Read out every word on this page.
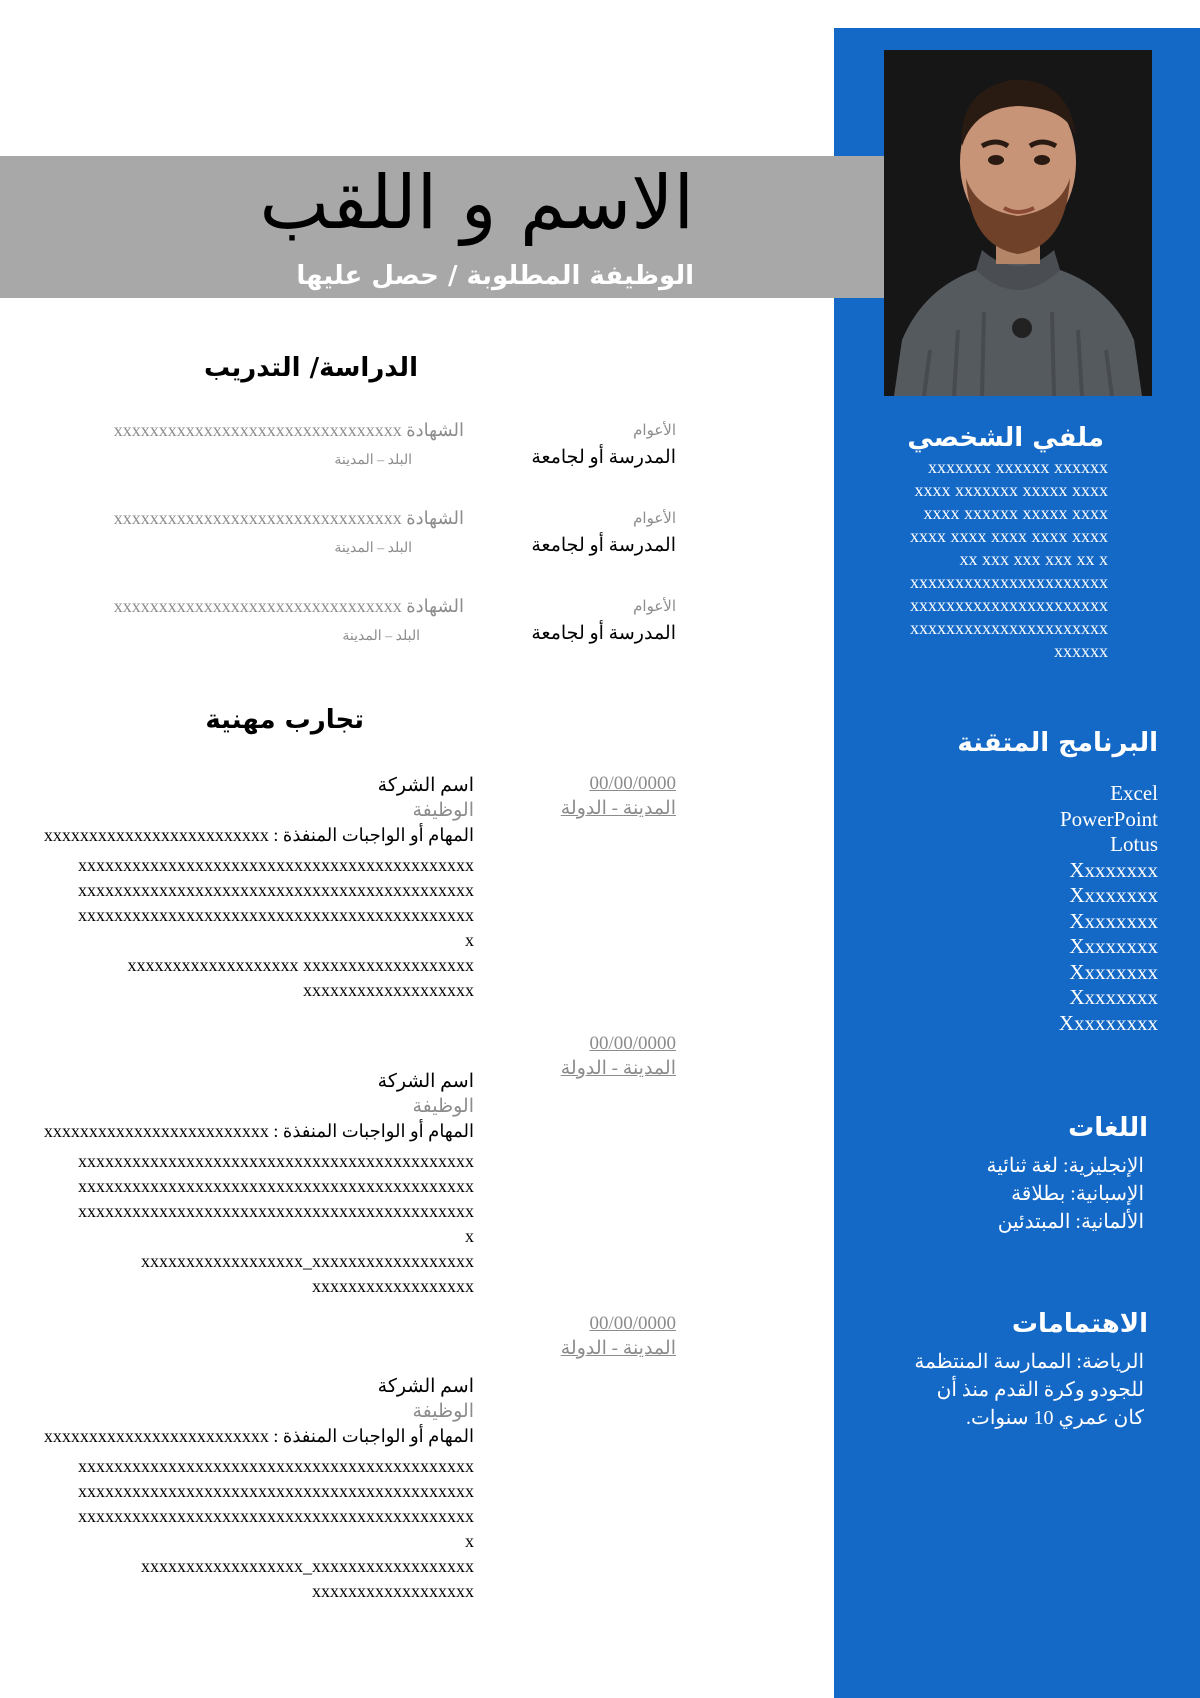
الاسم و اللقب
الوظيفة المطلوبة / حصل عليها
الدراسة/ التدريب
الأعوام
المدرسة أو لجامعة
الشهادة xxxxxxxxxxxxxxxxxxxxxxxxxxxxxxxx
البلد – المدينة
الأعوام
المدرسة أو لجامعة
الشهادة xxxxxxxxxxxxxxxxxxxxxxxxxxxxxxxx
البلد – المدينة
الأعوام
المدرسة أو لجامعة
الشهادة xxxxxxxxxxxxxxxxxxxxxxxxxxxxxxxx
البلد – المدينة
تجارب مهنية
00/00/0000
المدينة - الدولة
اسم الشركة
الوظيفة
المهام أو الواجبات المنفذة : xxxxxxxxxxxxxxxxxxxxxxxxx
xxxxxxxxxxxxxxxxxxxxxxxxxxxxxxxxxxxxxxxxxxxx
xxxxxxxxxxxxxxxxxxxxxxxxxxxxxxxxxxxxxxxxxxxx
xxxxxxxxxxxxxxxxxxxxxxxxxxxxxxxxxxxxxxxxxxxx
x
xxxxxxxxxxxxxxxxxxx xxxxxxxxxxxxxxxxxxx
xxxxxxxxxxxxxxxxxxx
00/00/0000
المدينة - الدولة
اسم الشركة
الوظيفة
المهام أو الواجبات المنفذة : xxxxxxxxxxxxxxxxxxxxxxxxx
xxxxxxxxxxxxxxxxxxxxxxxxxxxxxxxxxxxxxxxxxxxx
xxxxxxxxxxxxxxxxxxxxxxxxxxxxxxxxxxxxxxxxxxxx
xxxxxxxxxxxxxxxxxxxxxxxxxxxxxxxxxxxxxxxxxxxx
x
xxxxxxxxxxxxxxxxxx_xxxxxxxxxxxxxxxxxx
xxxxxxxxxxxxxxxxxx
00/00/0000
المدينة - الدولة
اسم الشركة
الوظيفة
المهام أو الواجبات المنفذة : xxxxxxxxxxxxxxxxxxxxxxxxx
xxxxxxxxxxxxxxxxxxxxxxxxxxxxxxxxxxxxxxxxxxxx
xxxxxxxxxxxxxxxxxxxxxxxxxxxxxxxxxxxxxxxxxxxx
xxxxxxxxxxxxxxxxxxxxxxxxxxxxxxxxxxxxxxxxxxxx
x
xxxxxxxxxxxxxxxxxx_xxxxxxxxxxxxxxxxxx
xxxxxxxxxxxxxxxxxx
ملفي الشخصي
xxxxxxx xxxxxx xxxxxx
xxxx xxxxxxx xxxxx xxxx
xxxx xxxxxx xxxxx xxxx
xxxx xxxx xxxx xxxx xxxx
xx xxx xxx xxx xx x
xxxxxxxxxxxxxxxxxxxxxx
xxxxxxxxxxxxxxxxxxxxxx
xxxxxxxxxxxxxxxxxxxxxx
xxxxxx
البرنامج المتقنة
Excel
PowerPoint
Lotus
Xxxxxxxx
Xxxxxxxx
Xxxxxxxx
Xxxxxxxx
Xxxxxxxx
Xxxxxxxx
Xxxxxxxxx
اللغات
الإنجليزية: لغة ثنائية
الإسبانية: بطلاقة
الألمانية: المبتدئين
الاهتمامات
الرياضة: الممارسة المنتظمة
للجودو وكرة القدم منذ أن
كان عمري 10 سنوات.
